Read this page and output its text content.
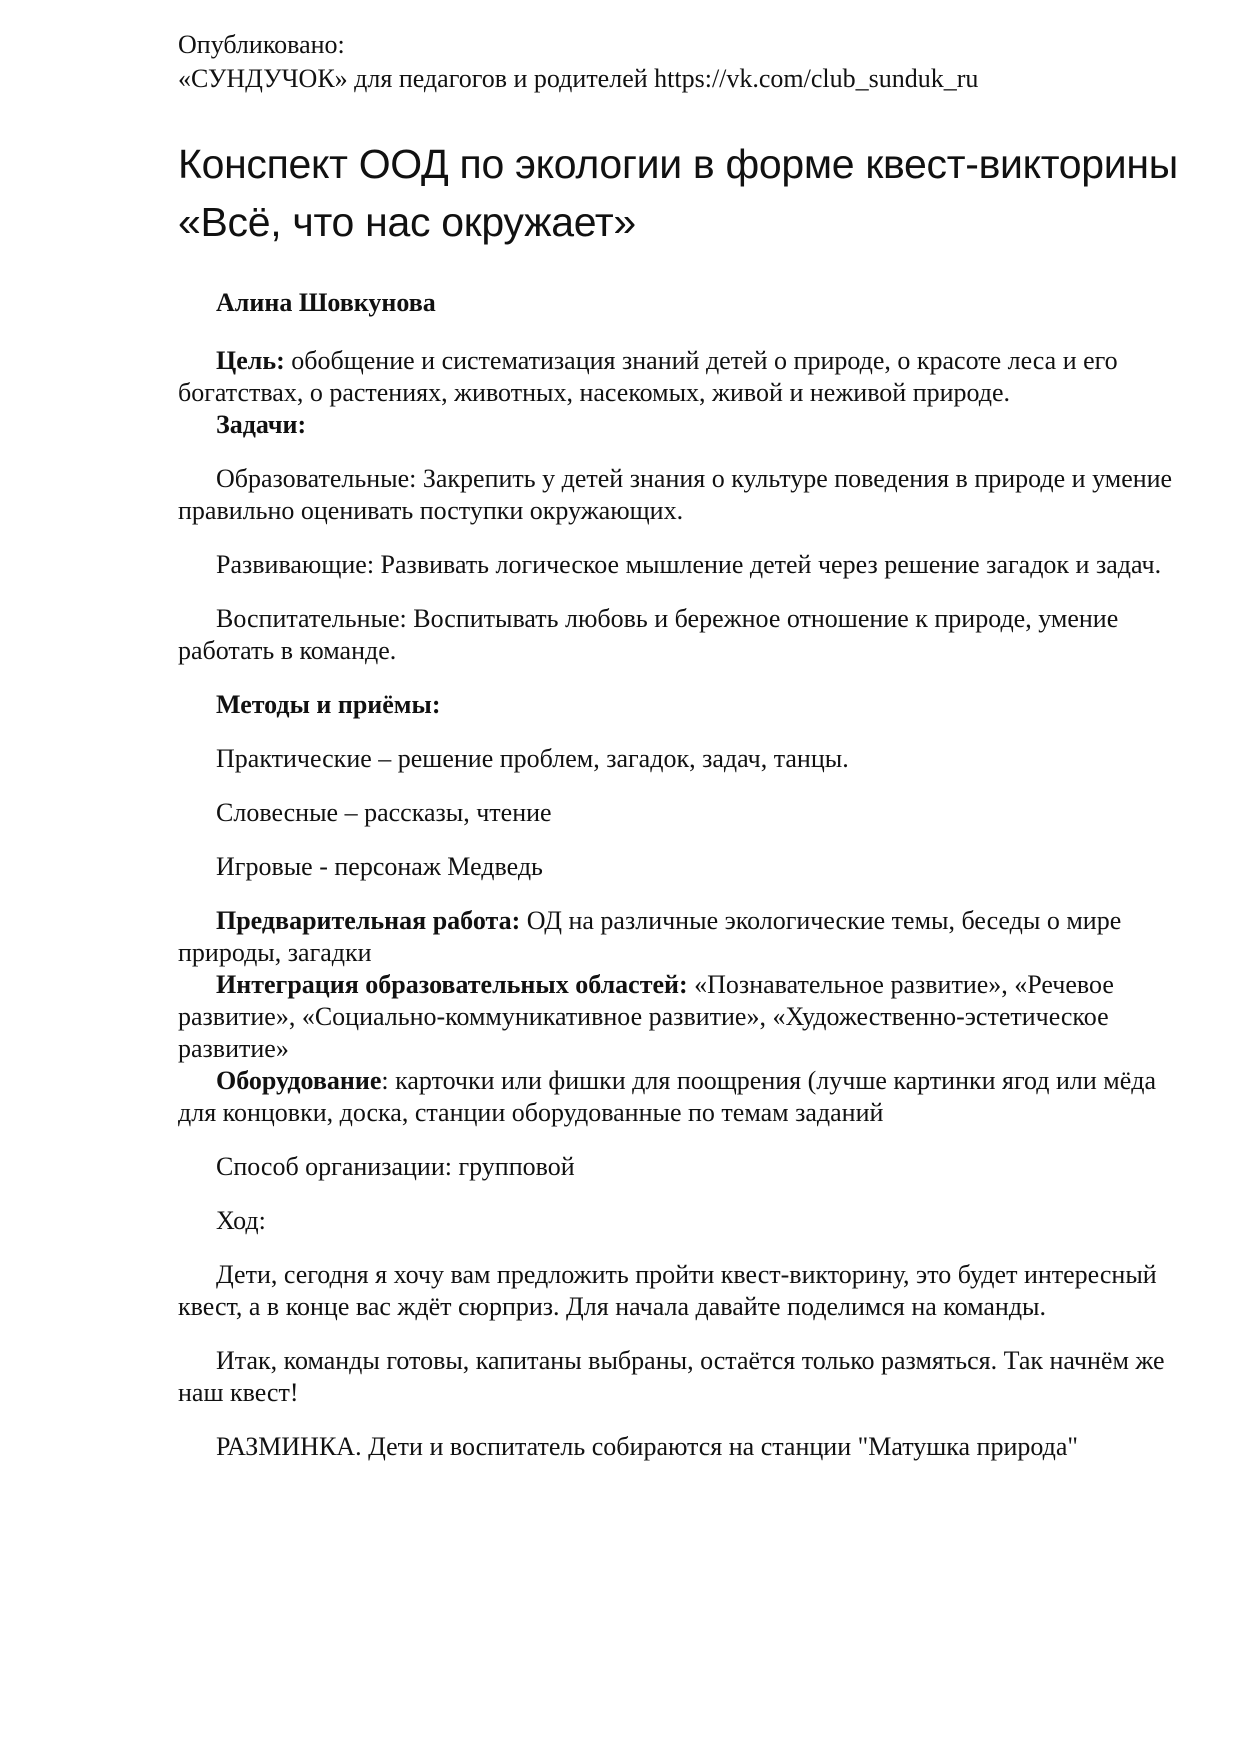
Опубликовано:
«СУНДУЧОК» для педагогов и родителей https://vk.com/club_sunduk_ru
Конспект ООД по экологии в форме квест-викторины «Всё, что нас окружает»

Алина Шовкунова

Цель: обобщение и систематизация знаний детей о природе, о красоте леса и его богатствах, о растениях, животных, насекомых, живой и неживой природе.

Задачи:

Образовательные: Закрепить у детей знания о культуре поведения в природе и умение правильно оценивать поступки окружающих.

Развивающие: Развивать логическое мышление детей через решение загадок и задач.

Воспитательные: Воспитывать любовь и бережное отношение к природе, умение работать в команде.

Методы и приёмы:

Практические – решение проблем, загадок, задач, танцы.

Словесные – рассказы, чтение

Игровые - персонаж Медведь

Предварительная работа: ОД на различные экологические темы, беседы о мире природы, загадки

Интеграция образовательных областей: «Познавательное развитие», «Речевое развитие», «Социально-коммуникативное развитие», «Художественно-эстетическое развитие»

Оборудование: карточки или фишки для поощрения (лучше картинки ягод или мёда для концовки, доска, станции оборудованные по темам заданий

Способ организации: групповой

Ход:

Дети, сегодня я хочу вам предложить пройти квест-викторину, это будет интересный квест, а в конце вас ждёт сюрприз. Для начала давайте поделимся на команды.

Итак, команды готовы, капитаны выбраны, остаётся только размяться. Так начнём же наш квест!

РАЗМИНКА. Дети и воспитатель собираются на станции "Матушка природа"
